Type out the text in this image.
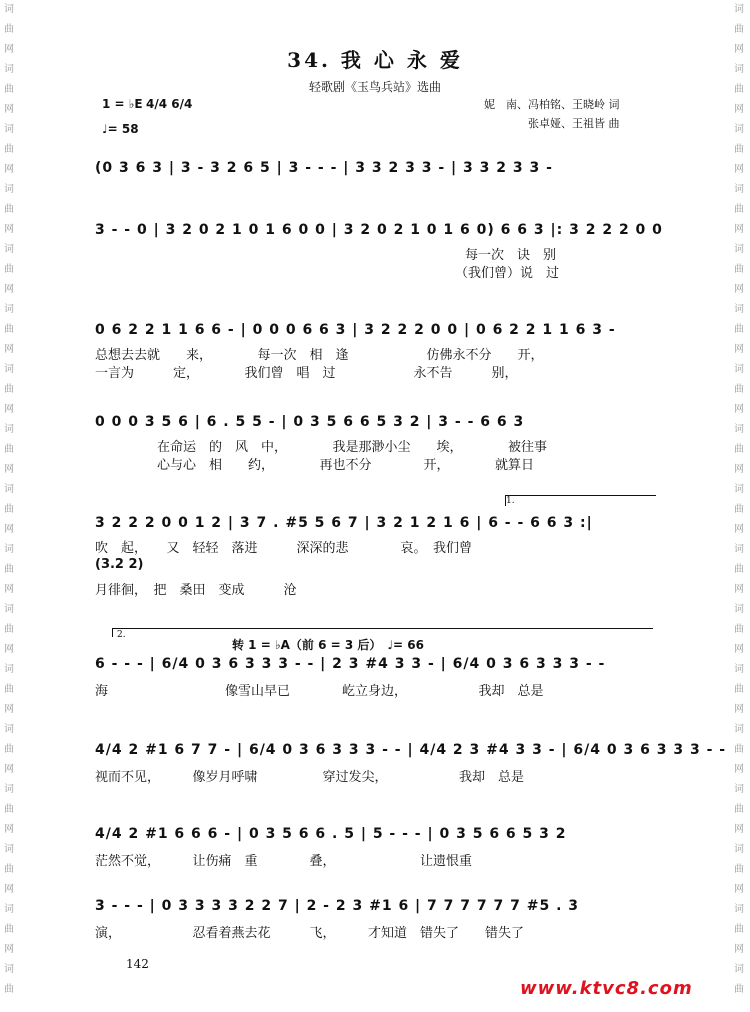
词
曲
网
词
曲
网
词
曲
网
词
曲
网
词
曲
网
词
曲
网
词
曲
网
词
曲
网
词
曲
网
词
曲
网
词
曲
网
词
曲
网
词
曲
网
词
曲
网
词
曲
网
词
曲
网
词
曲
词
曲
网
词
曲
网
词
曲
网
词
曲
网
词
曲
网
词
曲
网
词
曲
网
词
曲
网
词
曲
网
词
曲
网
词
曲
网
词
曲
网
词
曲
网
词
曲
网
词
曲
网
词
曲
网
词
曲
34. 我 心 永 爱
轻歌剧《玉鸟兵站》选曲
妮　南、冯柏铭、王晓岭 词
张卓娅、王祖皆 曲
1 = ♭E 4/4 6/4
♩= 58
(0 3 6 3 | 3 - 3 2 6 5 | 3 - - - | 3 3 2 3 3 - | 3 3 2 3 3 -
3 - - 0 | 3 2 0 2 1 0 1 6 0 0 | 3 2 0 2 1 0 1 6 0) 6 6 3 |: 3 2 2 2 0 0
每一次　诀　别
（我们曾）说　过
0 6 2 2 1 1 6 6 - | 0 0 0 6 6 3 | 3 2 2 2 0 0 | 0 6 2 2 1 1 6 3 -
总想去去就　　来，　　　　每一次　相　逢　　　　　　仿佛永不分　　开，
一言为　　　定，　　　　我们曾　唱　过　　　　　　永不告　　　别，
0 0 0 3 5 6 | 6 . 5 5 - | 0 3 5 6 6 5 3 2 | 3 - - 6 6 3
在命运　的　风　中，　　　　我是那渺小尘　　埃，　　　　被往事
心与心　相　　约，　　　　再也不分　　　　开，　　　　就算日
1.
3 2 2 2 0 0 1 2 | 3 7 . #5 5 6 7 | 3 2 1 2 1 6 | 6 - - 6 6 3 :|
吹　起，　　又　轻轻　落进　　　深深的悲　　　　哀。　我们曾
(3.2 2)
月徘徊，　把　桑田　变成　　　沧
2.
转 1 = ♭A（前 6 = 3 后）　♩= 66
6 - - - | 6/4 0 3 6 3 3 3 - - | 2 3 #4 3 3 - | 6/4 0 3 6 3 3 3 - -
海　　　　　　　　　像雪山早已　　　　屹立身边，　　　　　　我却　总是
4/4 2 #1 6 7 7 - | 6/4 0 3 6 3 3 3 - - | 4/4 2 3 #4 3 3 - | 6/4 0 3 6 3 3 3 - -
视而不见，　　　像岁月呼啸　　　　　穿过发尖，　　　　　　我却　总是
4/4 2 #1 6 6 6 - | 0 3 5 6 6 . 5 | 5 - - - | 0 3 5 6 6 5 3 2
茫然不觉，　　　让伤痛　重　　　　叠，　　　　　　　让遗恨重
3 - - - | 0 3 3 3 3 2 2 7 | 2 - 2 3 #1 6 | 7 7 7 7 7 7 #5 . 3
演，　　　　　　忍看着燕去花　　　飞，　　　才知道　错失了　　错失了
142
www.ktvc8.com
